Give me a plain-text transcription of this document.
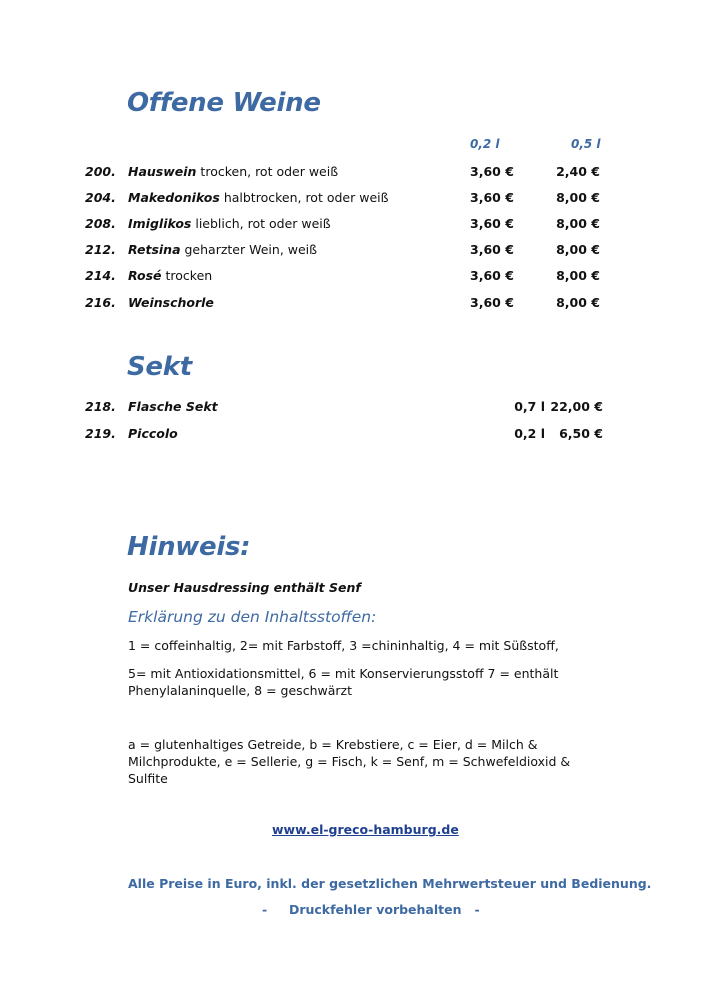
Offene Weine
0,2 l	0,5 l
200. Hauswein trocken, rot oder weiß	3,60 €	2,40 €
204. Makedonikos halbtrocken, rot oder weiß	3,60 €	8,00 €
208. Imiglikos lieblich, rot oder weiß	3,60 €	8,00 €
212. Retsina geharzter Wein, weiß	3,60 €	8,00 €
214. Rosé trocken	3,60 €	8,00 €
216. Weinschorle	3,60 €	8,00 €
Sekt
218. Flasche Sekt	0,7 l 22,00 €
219. Piccolo	0,2 l	6,50 €
Hinweis:
Unser Hausdressing enthält Senf
Erklärung zu den Inhaltsstoffen:
1 = coffeinhaltig, 2= mit Farbstoff, 3 =chininhaltig, 4 = mit Süßstoff,
5= mit Antioxidationsmittel, 6 = mit Konservierungsstoff 7 = enthält Phenylalaninquelle, 8 = geschwärzt
a = glutenhaltiges Getreide, b = Krebstiere, c = Eier, d = Milch & Milchprodukte, e = Sellerie, g = Fisch, k = Senf, m = Schwefeldioxid & Sulfite
www.el-greco-hamburg.de
Alle Preise in Euro, inkl. der gesetzlichen Mehrwertsteuer und Bedienung.
-     Druckfehler vorbehalten   -
